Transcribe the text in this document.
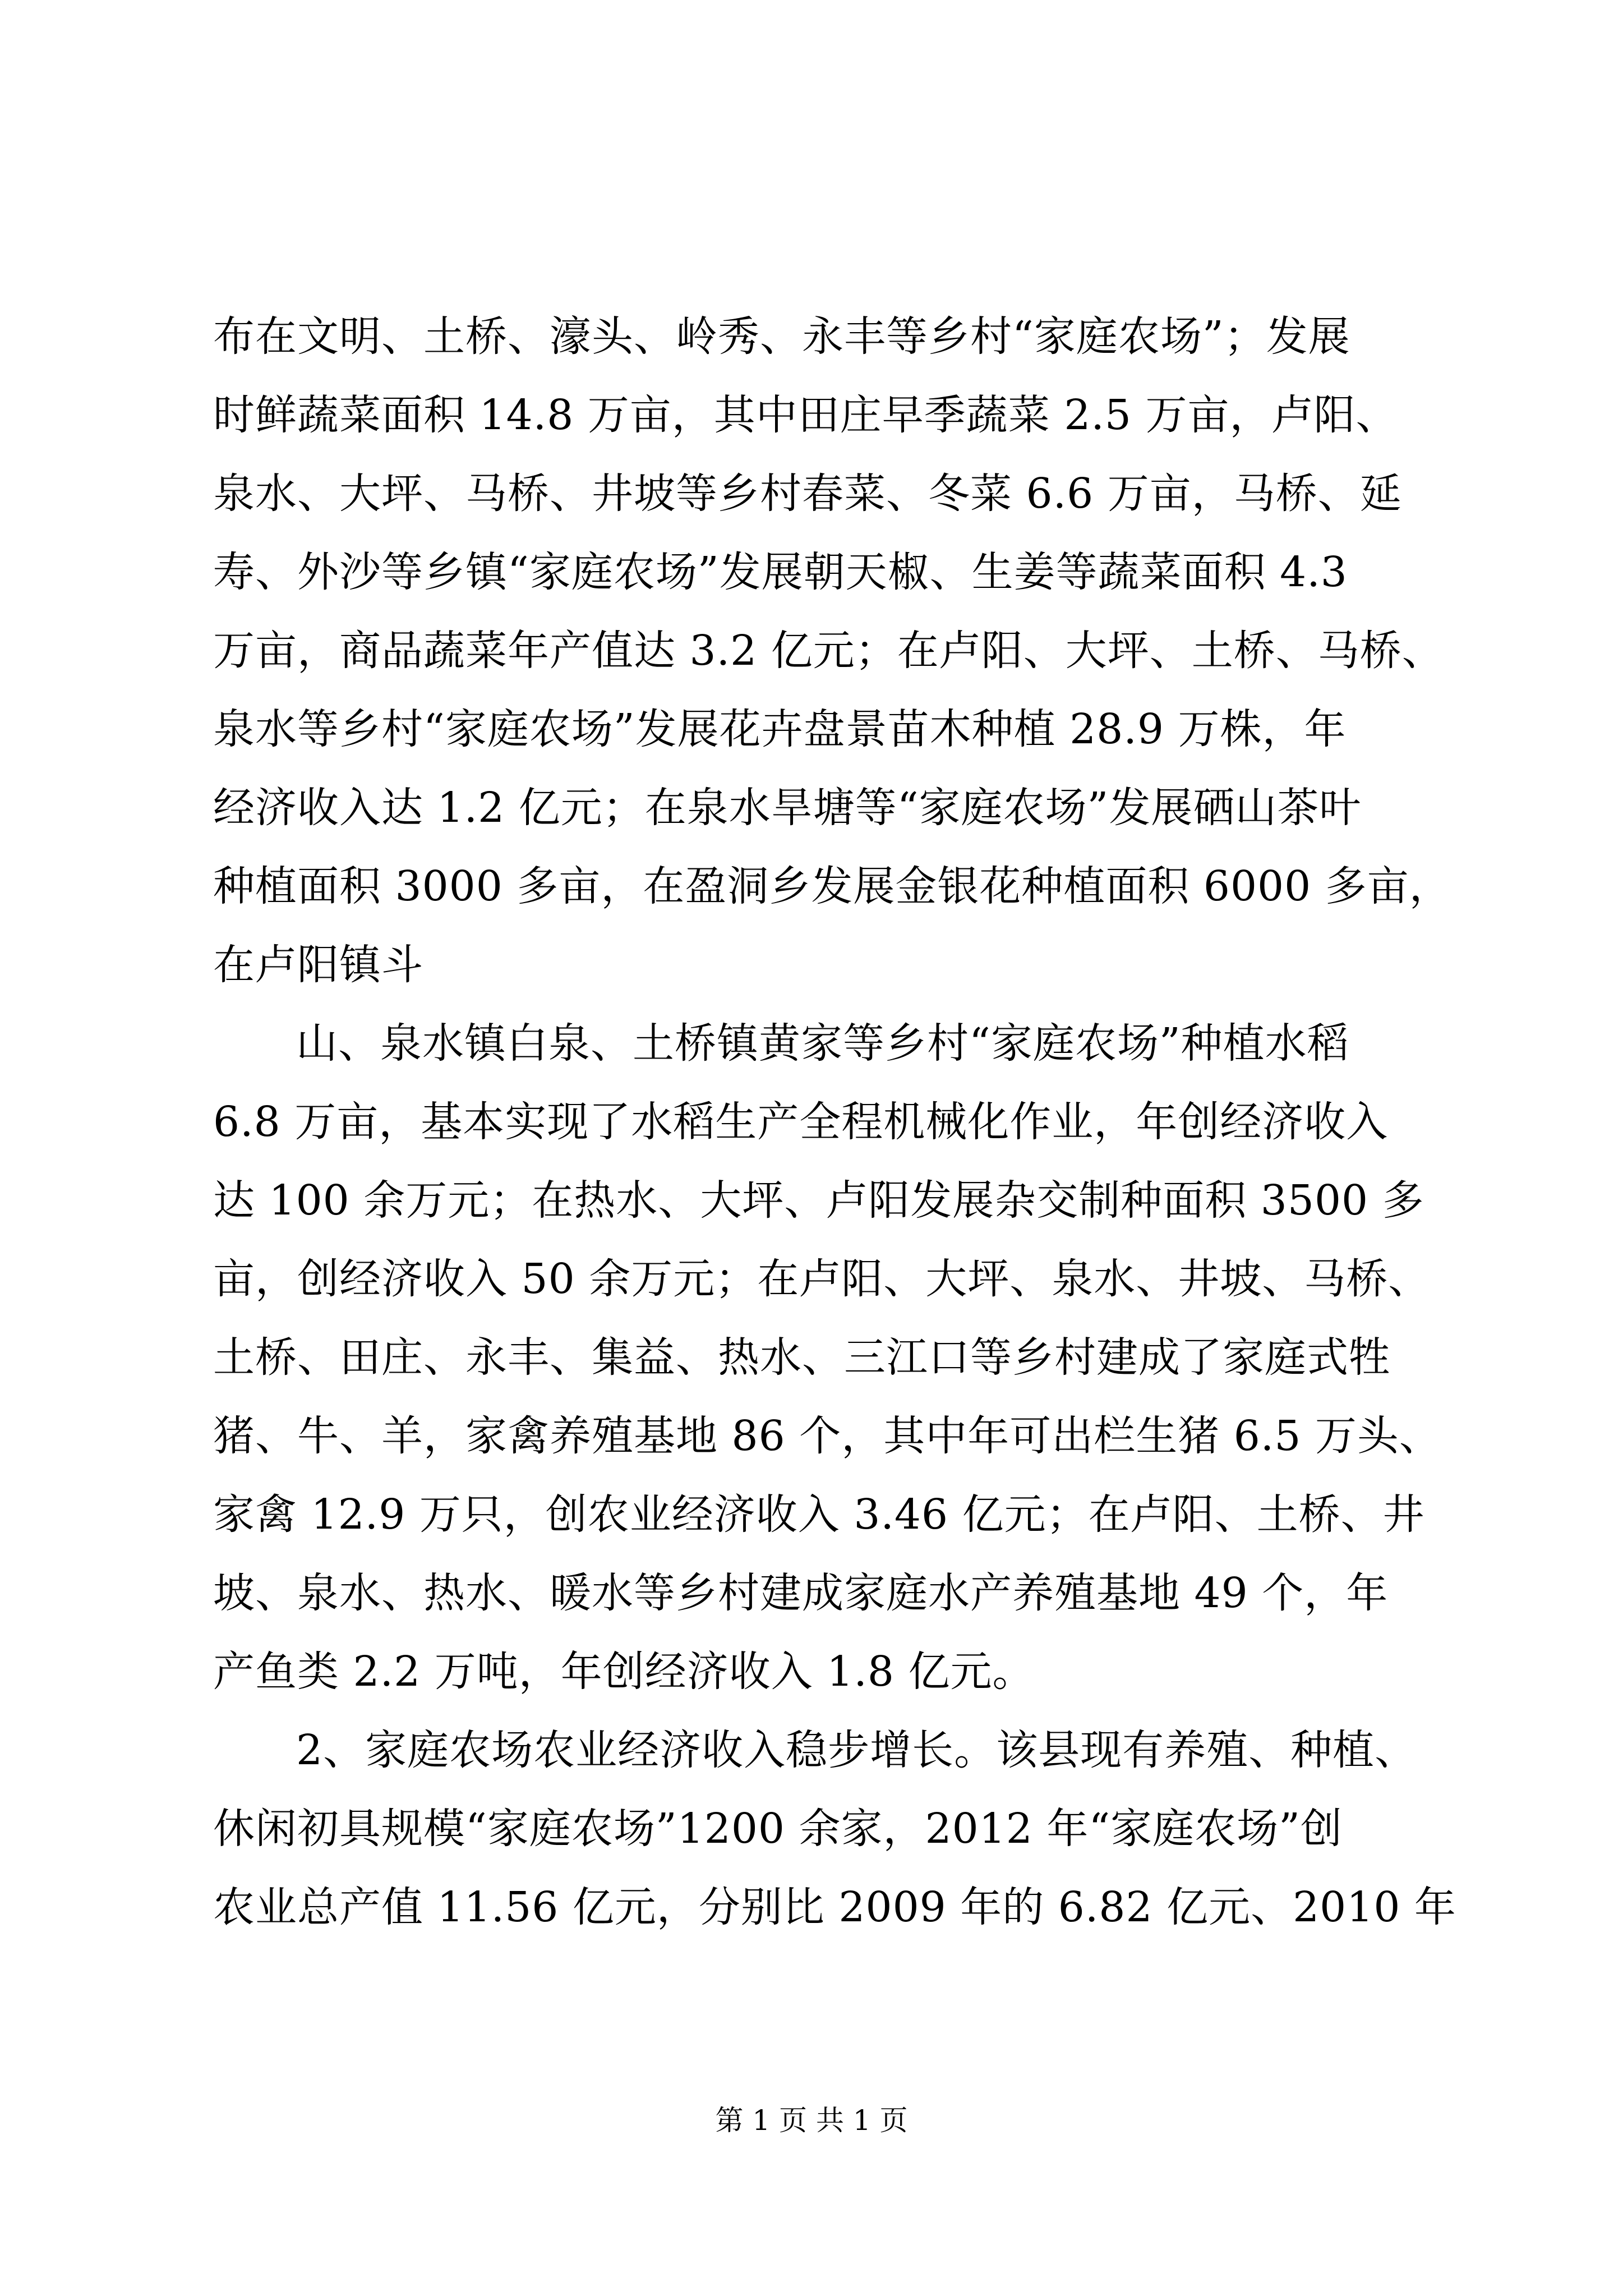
布在文明、土桥、濠头、岭秀、永丰等乡村“家庭农场”；发展
时鲜蔬菜面积 14.8 万亩，其中田庄早季蔬菜 2.5 万亩，卢阳、
泉水、大坪、马桥、井坡等乡村春菜、冬菜 6.6 万亩，马桥、延
寿、外沙等乡镇“家庭农场”发展朝天椒、生姜等蔬菜面积 4.3
万亩，商品蔬菜年产值达 3.2 亿元；在卢阳、大坪、土桥、马桥、
泉水等乡村“家庭农场”发展花卉盘景苗木种植 28.9 万株，年
经济收入达 1.2 亿元；在泉水旱塘等“家庭农场”发展硒山茶叶
种植面积 3000 多亩，在盈洞乡发展金银花种植面积 6000 多亩，
在卢阳镇斗
山、泉水镇白泉、土桥镇黄家等乡村“家庭农场”种植水稻
6.8 万亩，基本实现了水稻生产全程机械化作业，年创经济收入
达 100 余万元；在热水、大坪、卢阳发展杂交制种面积 3500 多
亩，创经济收入 50 余万元；在卢阳、大坪、泉水、井坡、马桥、
土桥、田庄、永丰、集益、热水、三江口等乡村建成了家庭式牲
猪、牛、羊，家禽养殖基地 86 个，其中年可出栏生猪 6.5 万头、
家禽 12.9 万只，创农业经济收入 3.46 亿元；在卢阳、土桥、井
坡、泉水、热水、暖水等乡村建成家庭水产养殖基地 49 个，年
产鱼类 2.2 万吨，年创经济收入 1.8 亿元。
2、家庭农场农业经济收入稳步增长。该县现有养殖、种植、
休闲初具规模“家庭农场”1200 余家，2012 年“家庭农场”创
农业总产值 11.56 亿元，分别比 2009 年的 6.82 亿元、2010 年
第 1 页 共 1 页
